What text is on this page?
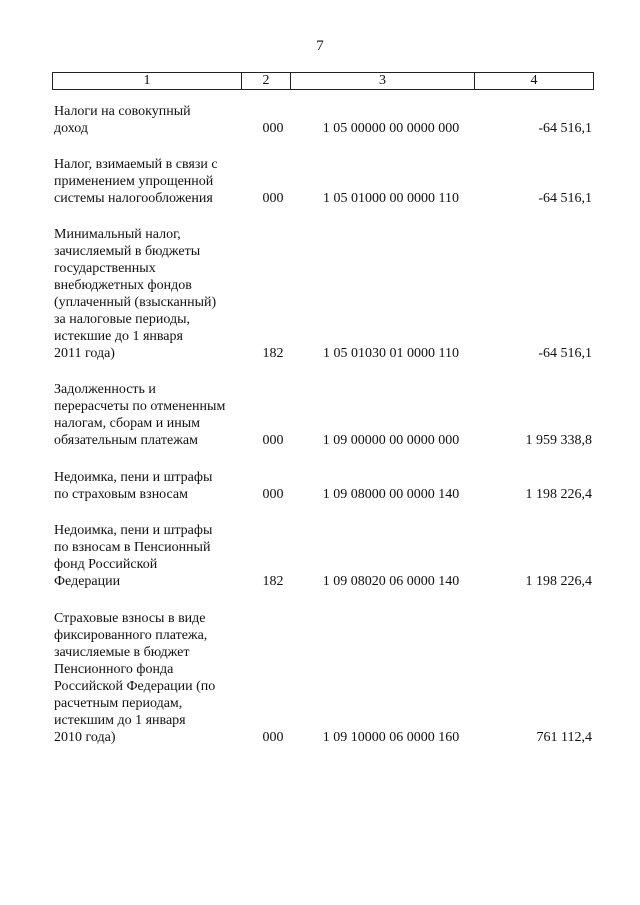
7
1	2	3	4
Налоги на совокупный
доход	000	1 05 00000 00 0000 000	-64 516,1
Налог, взимаемый в связи с
применением упрощенной
системы налогообложения	000	1 05 01000 00 0000 110	-64 516,1
Минимальный налог,
зачисляемый в бюджеты
государственных
внебюджетных фондов
(уплаченный (взысканный)
за налоговые периоды,
истекшие до 1 января
2011 года)	182	1 05 01030 01 0000 110	-64 516,1
Задолженность и
перерасчеты по отмененным
налогам, сборам и иным
обязательным платежам	000	1 09 00000 00 0000 000	1 959 338,8
Недоимка, пени и штрафы
по страховым взносам	000	1 09 08000 00 0000 140	1 198 226,4
Недоимка, пени и штрафы
по взносам в Пенсионный
фонд Российской
Федерации	182	1 09 08020 06 0000 140	1 198 226,4
Страховые взносы в виде
фиксированного платежа,
зачисляемые в бюджет
Пенсионного фонда
Российской Федерации (по
расчетным периодам,
истекшим до 1 января
2010 года)	000	1 09 10000 06 0000 160	761 112,4
